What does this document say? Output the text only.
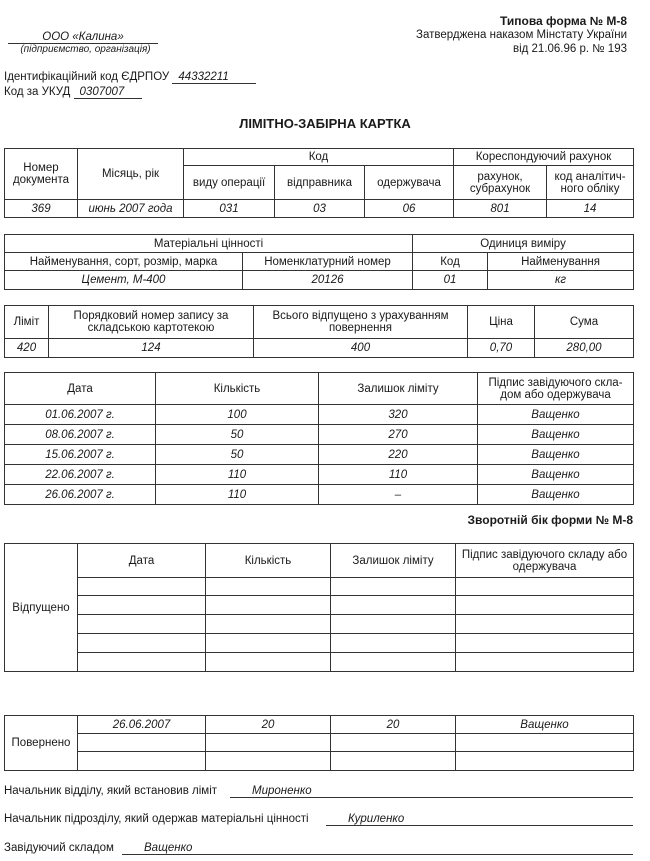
ООО «Калина»
(підприємство, організація)
Типова форма № М-8
Затверджена наказом Мінстату України
від 21.06.96 р. № 193
Ідентифікаційний код ЄДРПОУ 44332211
Код за УКУД 0307007
ЛІМІТНО-ЗАБІРНА КАРТКА
Номер документа	Місяць, рік	Код			Кореспондуючий рахунок	
		виду операції	відправника	одержувача	рахунок, субрахунок	код аналітич-ного обліку
369	июнь 2007 года	031	03	06	801	14
Матеріальні цінності		Одиниця виміру	
Найменування, сорт, розмір, марка	Номенклатурний номер	Код	Найменування
Цемент, М-400	20126	01	кг
Ліміт	Порядковий номер запису за складською картотекою	Всього відпущено з урахуванням повернення	Ціна	Сума
420	124	400	0,70	280,00
Дата	Кількість	Залишок ліміту	Підпис завідуючого скла-дом або одержувача
01.06.2007 г.	100	320	Ващенко
08.06.2007 г.	50	270	Ващенко
15.06.2007 г.	50	220	Ващенко
22.06.2007 г.	110	110	Ващенко
26.06.2007 г.	110	–	Ващенко
Зворотній бік форми № М-8
Відпущено	Дата	Кількість	Залишок ліміту	Підпис завідуючого складу або одержувача

Повернено	26.06.2007	20	20	Ващенко

Начальник відділу, який встановив ліміт	Мироненко
Начальник підрозділу, який одержав матеріальні цінності	Куриленко
Завідуючий складом	Ващенко
